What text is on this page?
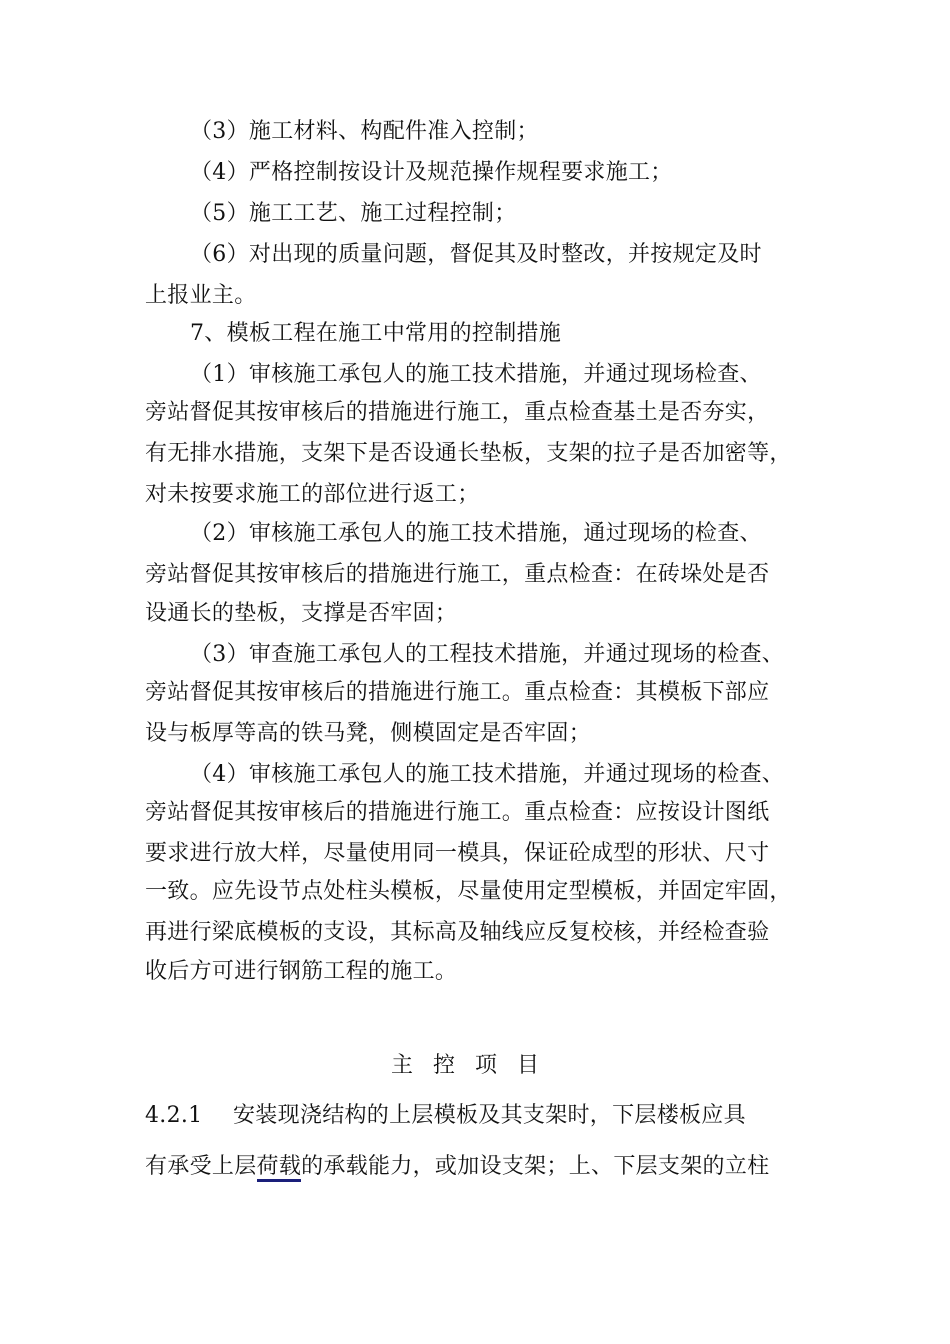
（3）施工材料、构配件准入控制；
（4）严格控制按设计及规范操作规程要求施工；
（5）施工工艺、施工过程控制；
（6）对出现的质量问题，督促其及时整改，并按规定及时
上报业主。
7、模板工程在施工中常用的控制措施
（1）审核施工承包人的施工技术措施，并通过现场检查、
旁站督促其按审核后的措施进行施工，重点检查基土是否夯实，
有无排水措施，支架下是否设通长垫板，支架的拉子是否加密等，
对未按要求施工的部位进行返工；
（2）审核施工承包人的施工技术措施，通过现场的检查、
旁站督促其按审核后的措施进行施工，重点检查：在砖垛处是否
设通长的垫板，支撑是否牢固；
（3）审查施工承包人的工程技术措施，并通过现场的检查、
旁站督促其按审核后的措施进行施工。重点检查：其模板下部应
设与板厚等高的铁马凳，侧模固定是否牢固；
（4）审核施工承包人的施工技术措施，并通过现场的检查、
旁站督促其按审核后的措施进行施工。重点检查：应按设计图纸
要求进行放大样，尽量使用同一模具，保证砼成型的形状、尺寸
一致。应先设节点处柱头模板，尽量使用定型模板，并固定牢固，
再进行梁底模板的支设，其标高及轴线应反复校核，并经检查验
收后方可进行钢筋工程的施工。
主控项目
4.2.1 安装现浇结构的上层模板及其支架时，下层楼板应具
有承受上层荷载的承载能力，或加设支架；上、下层支架的立柱
